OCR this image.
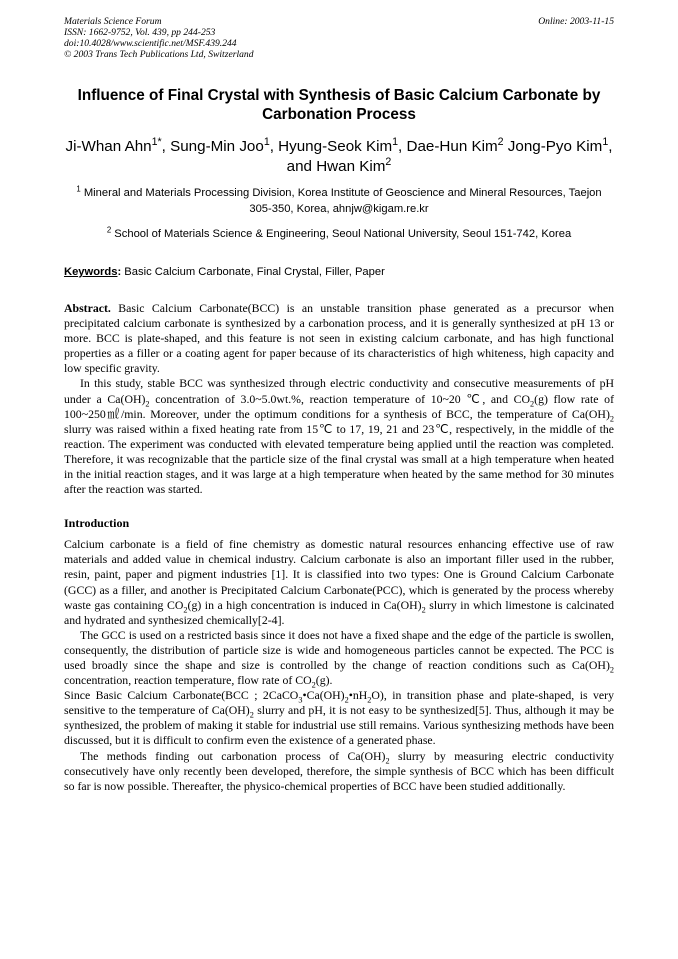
Materials Science Forum
ISSN: 1662-9752, Vol. 439, pp 244-253
doi:10.4028/www.scientific.net/MSF.439.244
© 2003 Trans Tech Publications Ltd, Switzerland
Online: 2003-11-15
Influence of Final Crystal with Synthesis of Basic Calcium Carbonate by Carbonation Process
Ji-Whan Ahn$^{1*}$, Sung-Min Joo$^1$, Hyung-Seok Kim$^1$, Dae-Hun Kim$^2$ Jong-Pyo Kim$^1$, and Hwan Kim$^2$
$^1$ Mineral and Materials Processing Division, Korea Institute of Geoscience and Mineral Resources, Taejon 305-350, Korea, ahnjw@kigam.re.kr
$^2$ School of Materials Science & Engineering, Seoul National University, Seoul 151-742, Korea
Keywords: Basic Calcium Carbonate, Final Crystal, Filler, Paper

Abstract. Basic Calcium Carbonate(BCC) is an unstable transition phase generated as a precursor when precipitated calcium carbonate is synthesized by a carbonation process, and it is generally synthesized at pH 13 or more. BCC is plate-shaped, and this feature is not seen in existing calcium carbonate, and has high functional properties as a filler or a coating agent for paper because of its characteristics of high whiteness, high capacity and low specific gravity.

In this study, stable BCC was synthesized through electric conductivity and consecutive measurements of pH under a $Ca(OH)_2$ concentration of 3.0~5.0wt.%, reaction temperature of 10~20 ℃, and $CO_2(g)$ flow rate of 100~250㎖/min. Moreover, under the optimum conditions for a synthesis of BCC, the temperature of $Ca(OH)_2$ slurry was raised within a fixed heating rate from 15℃ to 17, 19, 21 and 23℃, respectively, in the middle of the reaction. The experiment was conducted with elevated temperature being applied until the reaction was completed. Therefore, it was recognizable that the particle size of the final crystal was small at a high temperature when heated in the initial reaction stages, and it was large at a high temperature when heated by the same method for 30 minutes after the reaction was started.

Introduction

Calcium carbonate is a field of fine chemistry as domestic natural resources enhancing effective use of raw materials and added value in chemical industry. Calcium carbonate is also an important filler used in the rubber, resin, paint, paper and pigment industries [1]. It is classified into two types: One is Ground Calcium Carbonate (GCC) as a filler, and another is Precipitated Calcium Carbonate(PCC), which is generated by the process whereby waste gas containing $CO_2(g)$ in a high concentration is induced in $Ca(OH)_2$ slurry in which limestone is calcinated and hydrated and synthesized chemically[2-4].

The GCC is used on a restricted basis since it does not have a fixed shape and the edge of the particle is swollen, consequently, the distribution of particle size is wide and homogeneous particles cannot be expected. The PCC is used broadly since the shape and size is controlled by the change of reaction conditions such as $Ca(OH)_2$ concentration, reaction temperature, flow rate of $CO_2(g)$.

Since Basic Calcium Carbonate(BCC ; $2CaCO_3•Ca(OH)_2•nH_2O$), in transition phase and plate-shaped, is very sensitive to the temperature of $Ca(OH)_2$ slurry and pH, it is not easy to be synthesized[5]. Thus, although it may be synthesized, the problem of making it stable for industrial use still remains. Various synthesizing methods have been discussed, but it is difficult to confirm even the existence of a generated phase.

The methods finding out carbonation process of $Ca(OH)_2$ slurry by measuring electric conductivity consecutively have only recently been developed, therefore, the simple synthesis of BCC which has been difficult so far is now possible. Thereafter, the physico-chemical properties of BCC have been studied additionally.
